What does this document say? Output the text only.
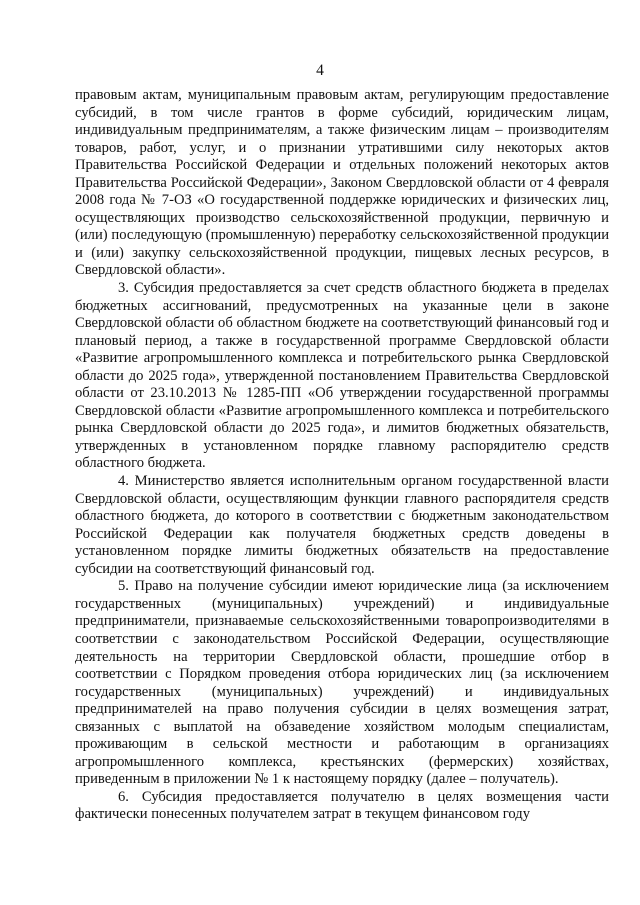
4

правовым актам, муниципальным правовым актам, регулирующим предоставление субсидий, в том числе грантов в форме субсидий, юридическим лицам, индивидуальным предпринимателям, а также физическим лицам – производителям товаров, работ, услуг, и о признании утратившими силу некоторых актов Правительства Российской Федерации и отдельных положений некоторых актов Правительства Российской Федерации», Законом Свердловской области от 4 февраля 2008 года № 7-ОЗ «О государственной поддержке юридических и физических лиц, осуществляющих производство сельскохозяйственной продукции, первичную и (или) последующую (промышленную) переработку сельскохозяйственной продукции и (или) закупку сельскохозяйственной продукции, пищевых лесных ресурсов, в Свердловской области».

3. Субсидия предоставляется за счет средств областного бюджета в пределах бюджетных ассигнований, предусмотренных на указанные цели в законе Свердловской области об областном бюджете на соответствующий финансовый год и плановый период, а также в государственной программе Свердловской области «Развитие агропромышленного комплекса и потребительского рынка Свердловской области до 2025 года», утвержденной постановлением Правительства Свердловской области от 23.10.2013 № 1285-ПП «Об утверждении государственной программы Свердловской области «Развитие агропромышленного комплекса и потребительского рынка Свердловской области до 2025 года», и лимитов бюджетных обязательств, утвержденных в установленном порядке главному распорядителю средств областного бюджета.

4. Министерство является исполнительным органом государственной власти Свердловской области, осуществляющим функции главного распорядителя средств областного бюджета, до которого в соответствии с бюджетным законодательством Российской Федерации как получателя бюджетных средств доведены в установленном порядке лимиты бюджетных обязательств на предоставление субсидии на соответствующий финансовый год.

5. Право на получение субсидии имеют юридические лица (за исключением государственных (муниципальных) учреждений) и индивидуальные предприниматели, признаваемые сельскохозяйственными товаропроизводителями в соответствии с законодательством Российской Федерации, осуществляющие деятельность на территории Свердловской области, прошедшие отбор в соответствии с Порядком проведения отбора юридических лиц (за исключением государственных (муниципальных) учреждений) и индивидуальных предпринимателей на право получения субсидии в целях возмещения затрат, связанных с выплатой на обзаведение хозяйством молодым специалистам, проживающим в сельской местности и работающим в организациях агропромышленного комплекса, крестьянских (фермерских) хозяйствах, приведенным в приложении № 1 к настоящему порядку (далее – получатель).

6. Субсидия предоставляется получателю в целях возмещения части фактически понесенных получателем затрат в текущем финансовом году
